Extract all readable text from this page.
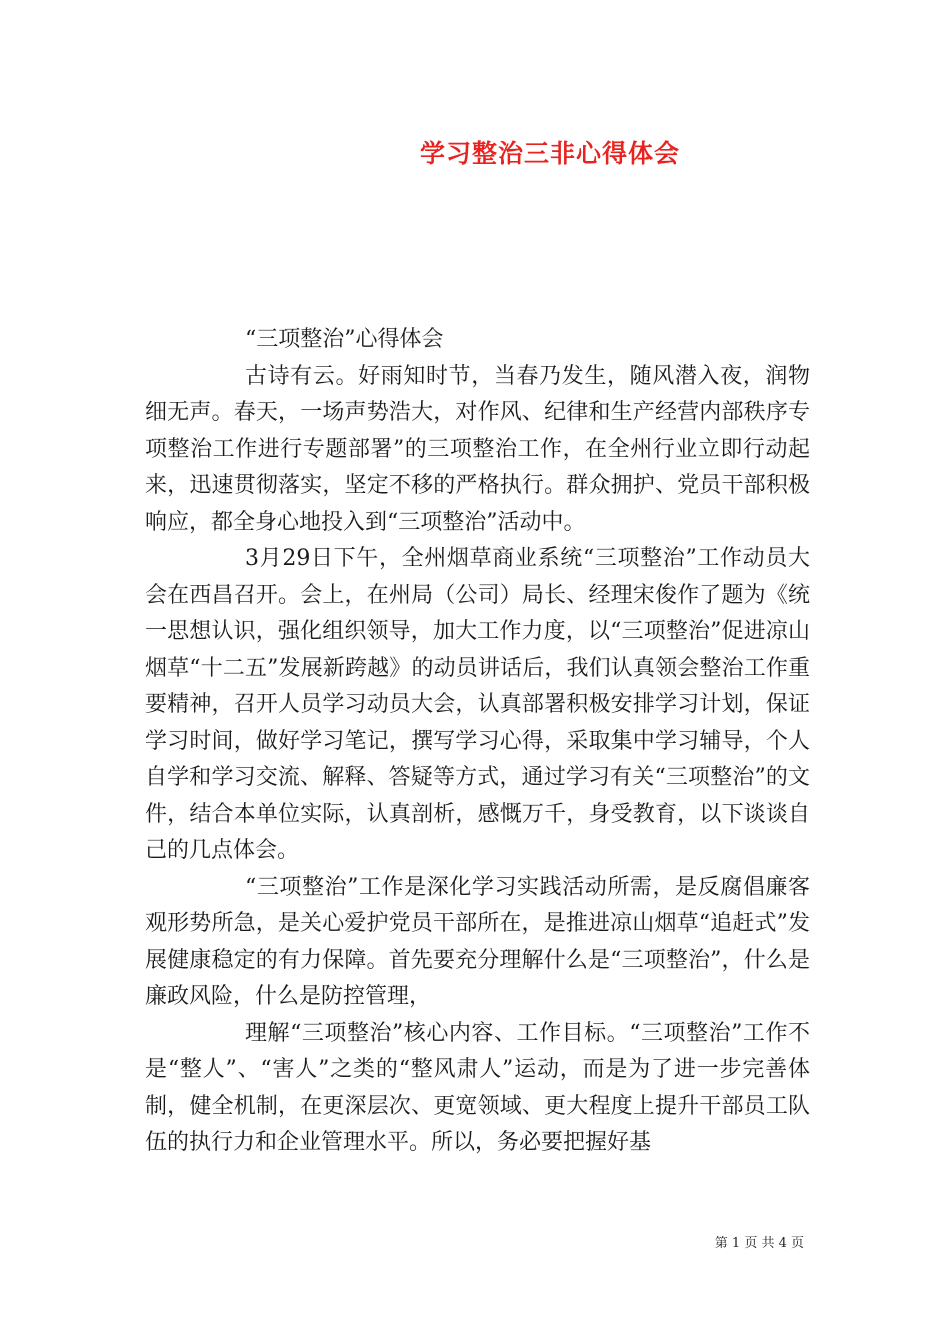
学习整治三非心得体会

“三项整治”心得体会

古诗有云。好雨知时节，当春乃发生，随风潜入夜，润物细无声。春天，一场声势浩大，对作风、纪律和生产经营内部秩序专项整治工作进行专题部署”的三项整治工作，在全州行业立即行动起来，迅速贯彻落实，坚定不移的严格执行。群众拥护、党员干部积极响应，都全身心地投入到“三项整治”活动中。

3月29日下午，全州烟草商业系统“三项整治”工作动员大会在西昌召开。会上，在州局（公司）局长、经理宋俊作了题为《统一思想认识，强化组织领导，加大工作力度，以“三项整治”促进凉山烟草“十二五”发展新跨越》的动员讲话后，我们认真领会整治工作重要精神，召开人员学习动员大会，认真部署积极安排学习计划，保证学习时间，做好学习笔记，撰写学习心得，采取集中学习辅导，个人自学和学习交流、解释、答疑等方式，通过学习有关“三项整治”的文件，结合本单位实际，认真剖析，感慨万千，身受教育，以下谈谈自己的几点体会。

“三项整治”工作是深化学习实践活动所需，是反腐倡廉客观形势所急，是关心爱护党员干部所在，是推进凉山烟草“追赶式”发展健康稳定的有力保障。首先要充分理解什么是“三项整治”，什么是廉政风险，什么是防控管理，

理解“三项整治”核心内容、工作目标。“三项整治”工作不是“整人”、“害人”之类的“整风肃人”运动，而是为了进一步完善体制，健全机制，在更深层次、更宽领域、更大程度上提升干部员工队伍的执行力和企业管理水平。所以，务必要把握好基

第 1 页 共 4 页
